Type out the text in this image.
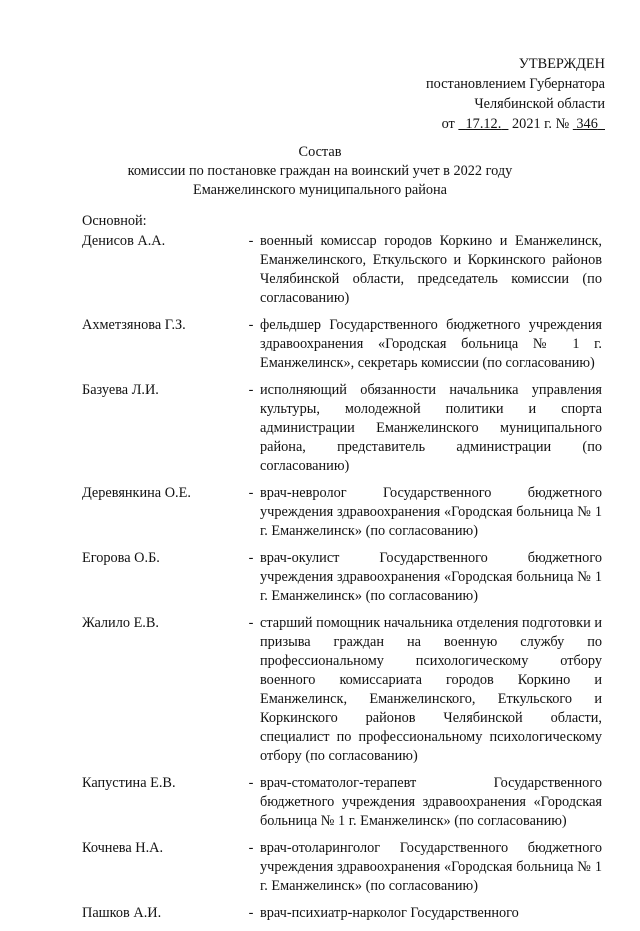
УТВЕРЖДЕН
постановлением Губернатора
Челябинской области
от 17.12. 2021 г. № 346
Состав
комиссии по постановке граждан на воинский учет в 2022 году
Еманжелинского муниципального района
Основной:
Денисов А.А.	- военный комиссар городов Коркино и Еманжелинск, Еманжелинского, Еткульского и Коркинского районов Челябинской области, председатель комиссии (по согласованию)
Ахметзянова Г.З.	- фельдшер Государственного бюджетного учреждения здравоохранения «Городская больница № 1 г. Еманжелинск», секретарь комиссии (по согласованию)
Базуева Л.И.	- исполняющий обязанности начальника управления культуры, молодежной политики и спорта администрации Еманжелинского муниципального района, представитель администрации (по согласованию)
Деревянкина О.Е.	- врач-невролог Государственного бюджетного учреждения здравоохранения «Городская больница № 1 г. Еманжелинск» (по согласованию)
Егорова О.Б.	- врач-окулист Государственного бюджетного учреждения здравоохранения «Городская больница № 1 г. Еманжелинск» (по согласованию)
Жалило Е.В.	- старший помощник начальника отделения подготовки и призыва граждан на военную службу по профессиональному психологическому отбору военного комиссариата городов Коркино и Еманжелинск, Еманжелинского, Еткульского и Коркинского районов Челябинской области, специалист по профессиональному психологическому отбору (по согласованию)
Капустина Е.В.	- врач-стоматолог-терапевт Государственного бюджетного учреждения здравоохранения «Городская больница № 1 г. Еманжелинск» (по согласованию)
Кочнева Н.А.	- врач-отоларинголог Государственного бюджетного учреждения здравоохранения «Городская больница № 1 г. Еманжелинск» (по согласованию)
Пашков А.И.	- врач-психиатр-нарколог Государственного
